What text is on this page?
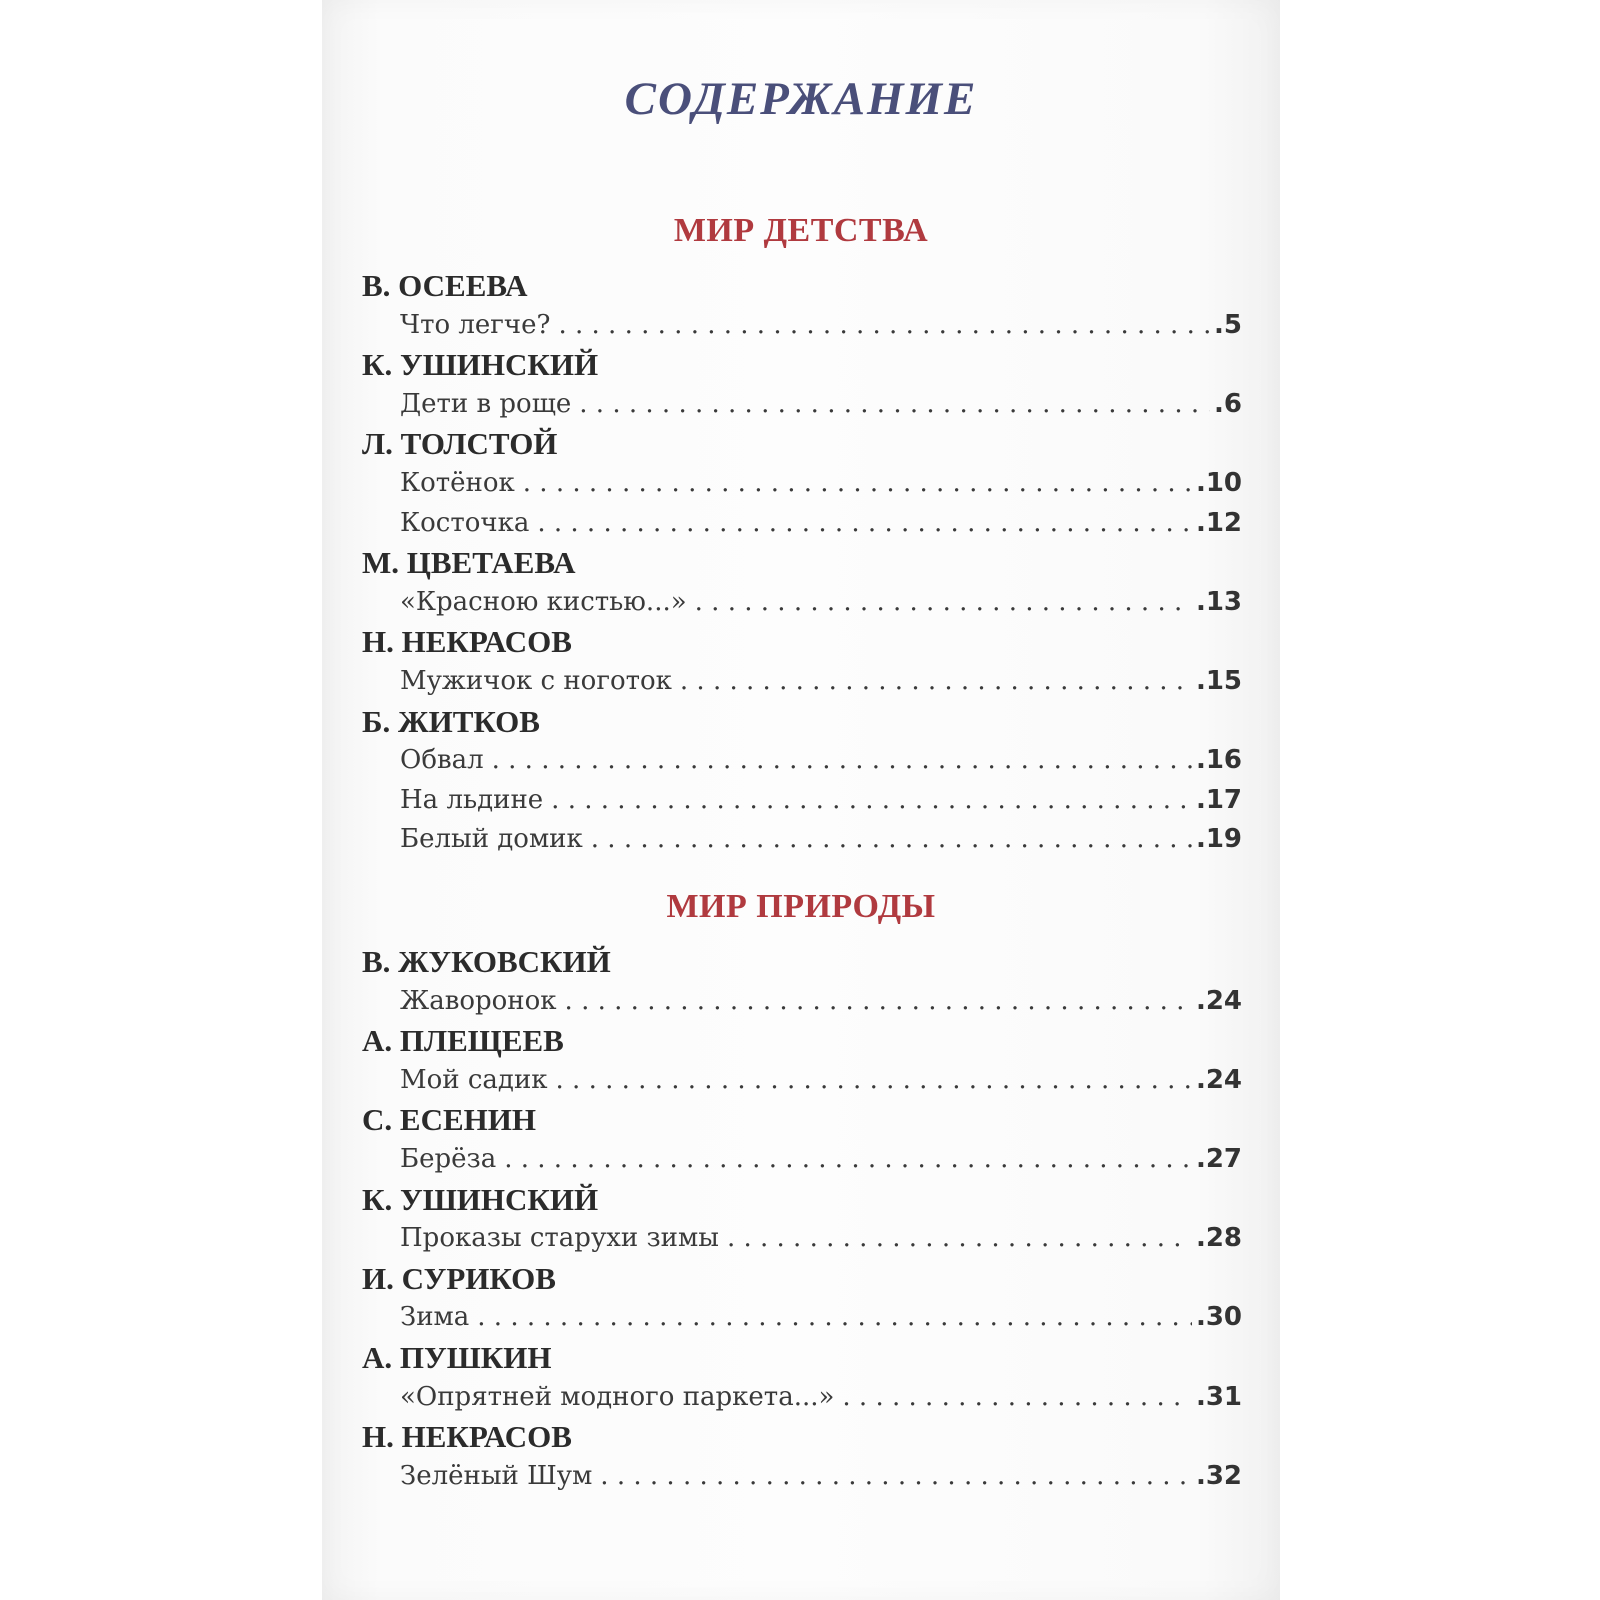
СОДЕРЖАНИЕ
МИР ДЕТСТВА
В. ОСЕЕВА
Что легче? . . .	.5
К. УШИНСКИЙ
Дети в роще . . .	.6
Л. ТОЛСТОЙ
Котёнок . . .	.10
Косточка . . .	.12
М. ЦВЕТАЕВА
«Красною кистью...» . . .	.13
Н. НЕКРАСОВ
Мужичок с ноготок . . .	.15
Б. ЖИТКОВ
Обвал . . .	.16
На льдине . . .	.17
Белый домик . . .	.19
МИР ПРИРОДЫ
В. ЖУКОВСКИЙ
Жаворонок . . .	.24
А. ПЛЕЩЕЕВ
Мой садик . . .	.24
С. ЕСЕНИН
Берёза . . .	.27
К. УШИНСКИЙ
Проказы старухи зимы . . .	.28
И. СУРИКОВ
Зима . . .	.30
А. ПУШКИН
«Опрятней модного паркета...» . . .	.31
Н. НЕКРАСОВ
Зелёный Шум . . .	.32
